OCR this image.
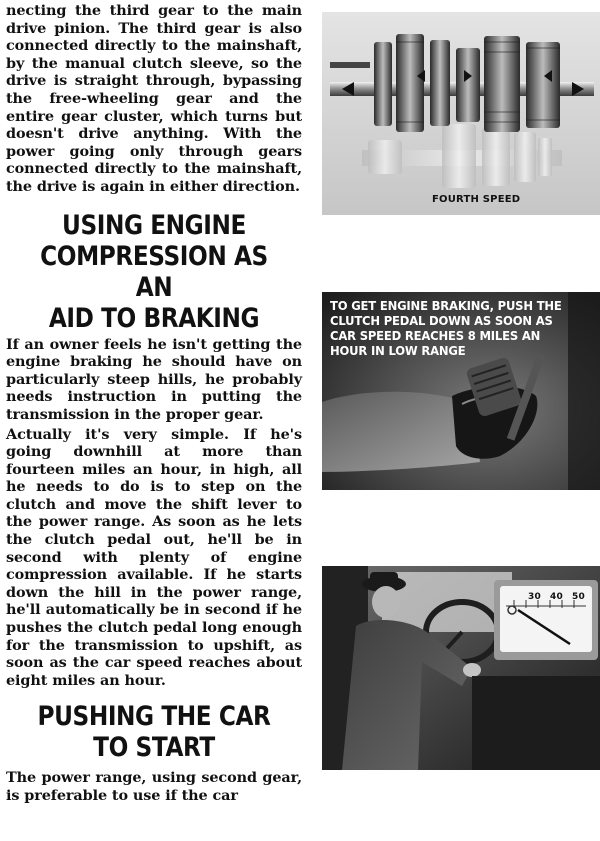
necting the third gear to the main drive pinion. The third gear is also connected directly to the mainshaft, by the manual clutch sleeve, so the drive is straight through, bypassing the free-wheeling gear and the entire gear cluster, which turns but doesn't drive anything. With the power going only through gears connected directly to the mainshaft, the drive is again in either direction.

USING ENGINE
COMPRESSION AS AN
AID TO BRAKING

If an owner feels he isn't getting the engine braking he should have on particularly steep hills, he probably needs instruction in putting the transmission in the proper gear.

Actually it's very simple. If he's going downhill at more than fourteen miles an hour, in high, all he needs to do is to step on the clutch and move the shift lever to the power range. As soon as he lets the clutch pedal out, he'll be in second with plenty of engine compression available. If he starts down the hill in the power range, he'll automatically be in second if he pushes the clutch pedal long enough for the transmission to upshift, as soon as the car speed reaches about eight miles an hour.

PUSHING THE CAR
TO START

The power range, using second gear, is preferable to use if the car

FOURTH SPEED
TO GET ENGINE BRAKING, PUSH THE CLUTCH PEDAL DOWN AS SOON AS CAR SPEED REACHES 8 MILES AN HOUR IN LOW RANGE
30 40 50
